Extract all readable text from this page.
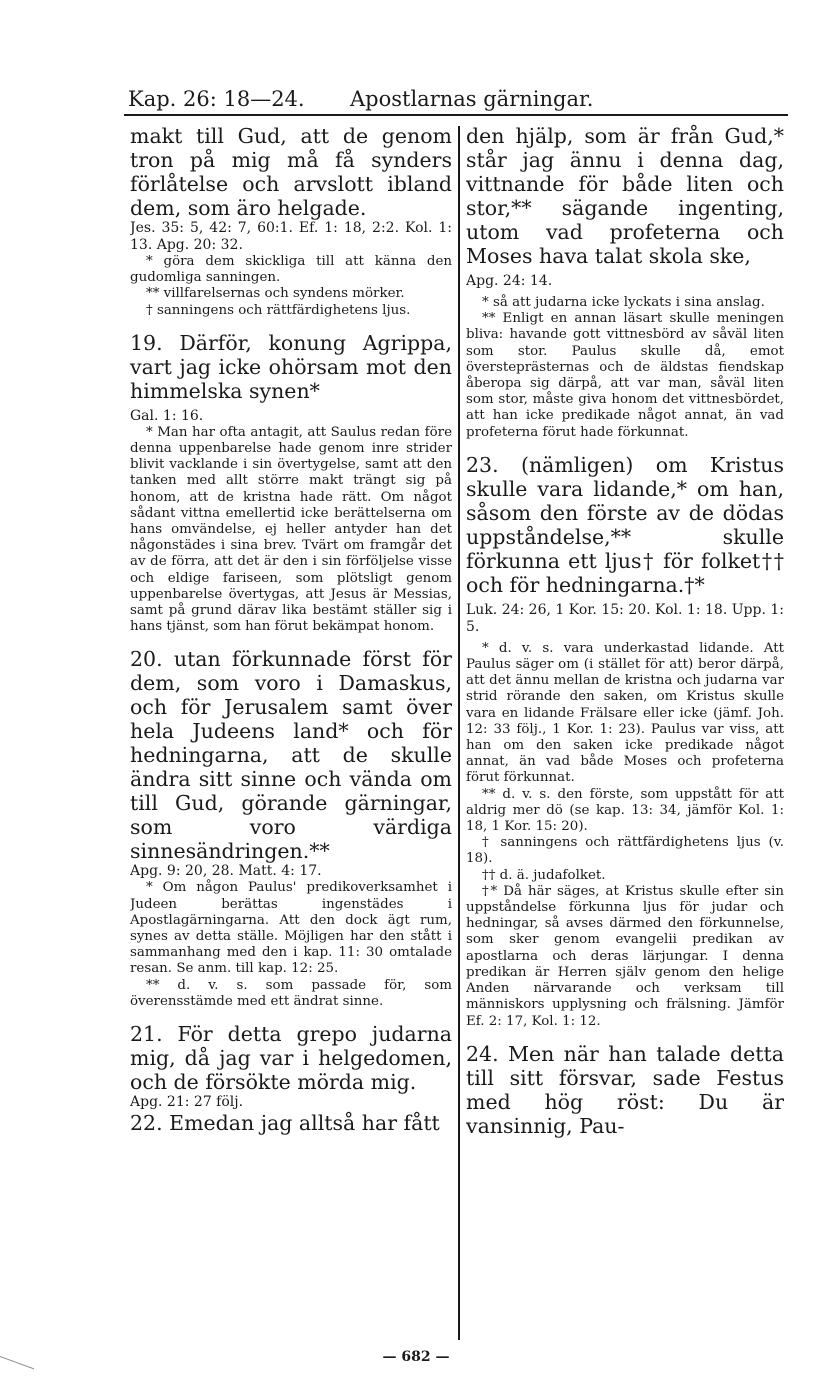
Kap. 26: 18—24. Apostlarnas gärningar.

makt till Gud, att de genom tron på mig må få synders förlåtelse och arvslott ibland dem, som äro helgade.

Jes. 35: 5, 42: 7, 60:1. Ef. 1: 18, 2:2. Kol. 1: 13. Apg. 20: 32.

* göra dem skickliga till att känna den gudomliga sanningen.

** villfarelsernas och syndens mörker.

† sanningens och rättfärdighetens ljus.

19. Därför, konung Agrippa, vart jag icke ohörsam mot den himmelska synen*

Gal. 1: 16.

* Man har ofta antagit, att Saulus redan före denna uppenbarelse hade genom inre strider blivit vacklande i sin övertygelse, samt att den tanken med allt större makt trängt sig på honom, att de kristna hade rätt. Om något sådant vittna emellertid icke berättelserna om hans omvändelse, ej heller antyder han det någonstädes i sina brev. Tvärt om framgår det av de förra, att det är den i sin förföljelse visse och eldige fariseen, som plötsligt genom uppenbarelse övertygas, att Jesus är Messias, samt på grund därav lika bestämt ställer sig i hans tjänst, som han förut bekämpat honom.

20. utan förkunnade först för dem, som voro i Damaskus, och för Jerusalem samt över hela Judeens land* och för hedningarna, att de skulle ändra sitt sinne och vända om till Gud, görande gärningar, som voro värdiga sinnesändringen.**

Apg. 9: 20, 28. Matt. 4: 17.

* Om någon Paulus' predikoverksamhet i Judeen berättas ingenstädes i Apostlagärningarna. Att den dock ägt rum, synes av detta ställe. Möjligen har den stått i sammanhang med den i kap. 11: 30 omtalade resan. Se anm. till kap. 12: 25.

** d. v. s. som passade för, som överensstämde med ett ändrat sinne.

21. För detta grepo judarna mig, då jag var i helgedomen, och de försökte mörda mig.

Apg. 21: 27 följ.

22. Emedan jag alltså har fått

den hjälp, som är från Gud,* står jag ännu i denna dag, vittnande för både liten och stor,** sägande ingenting, utom vad profeterna och Moses hava talat skola ske,

Apg. 24: 14.

* så att judarna icke lyckats i sina anslag.

** Enligt en annan läsart skulle meningen bliva: havande gott vittnesbörd av såväl liten som stor. Paulus skulle då, emot översteprästernas och de äldstas fiendskap åberopa sig därpå, att var man, såväl liten som stor, måste giva honom det vittnesbördet, att han icke predikade något annat, än vad profeterna förut hade förkunnat.

23. (nämligen) om Kristus skulle vara lidande,* om han, såsom den förste av de dödas uppståndelse,** skulle förkunna ett ljus† för folket†† och för hedningarna.†*

Luk. 24: 26, 1 Kor. 15: 20. Kol. 1: 18. Upp. 1: 5.

* d. v. s. vara underkastad lidande. Att Paulus säger om (i stället för att) beror därpå, att det ännu mellan de kristna och judarna var strid rörande den saken, om Kristus skulle vara en lidande Frälsare eller icke (jämf. Joh. 12: 33 följ., 1 Kor. 1: 23). Paulus var viss, att han om den saken icke predikade något annat, än vad både Moses och profeterna förut förkunnat.

** d. v. s. den förste, som uppstått för att aldrig mer dö (se kap. 13: 34, jämför Kol. 1: 18, 1 Kor. 15: 20).

† sanningens och rättfärdighetens ljus (v. 18).

†† d. ä. judafolket.

†* Då här säges, at Kristus skulle efter sin uppståndelse förkunna ljus för judar och hedningar, så avses därmed den förkunnelse, som sker genom evangelii predikan av apostlarna och deras lärjungar. I denna predikan är Herren själv genom den helige Anden närvarande och verksam till människors upplysning och frälsning. Jämför Ef. 2: 17, Kol. 1: 12.

24. Men när han talade detta till sitt försvar, sade Festus med hög röst: Du är vansinnig, Pau-

— 682 —
